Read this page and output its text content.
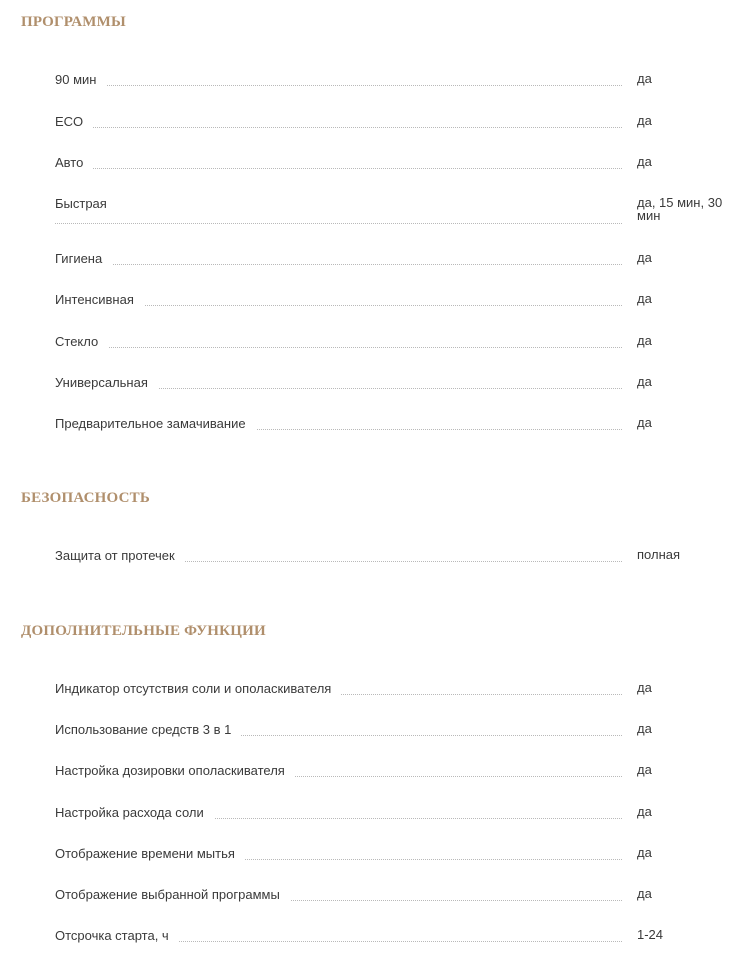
ПРОГРАММЫ
90 мин	да
ECO	да
Авто	да
Быстрая	да, 15 мин, 30 мин
Гигиена	да
Интенсивная	да
Стекло	да
Универсальная	да
Предварительное замачивание	да
БЕЗОПАСНОСТЬ
Защита от протечек	полная
ДОПОЛНИТЕЛЬНЫЕ ФУНКЦИИ
Индикатор отсутствия соли и ополаскивателя	да
Использование средств 3 в 1	да
Настройка дозировки ополаскивателя	да
Настройка расхода соли	да
Отображение времени мытья	да
Отображение выбранной программы	да
Отсрочка старта, ч	1-24
